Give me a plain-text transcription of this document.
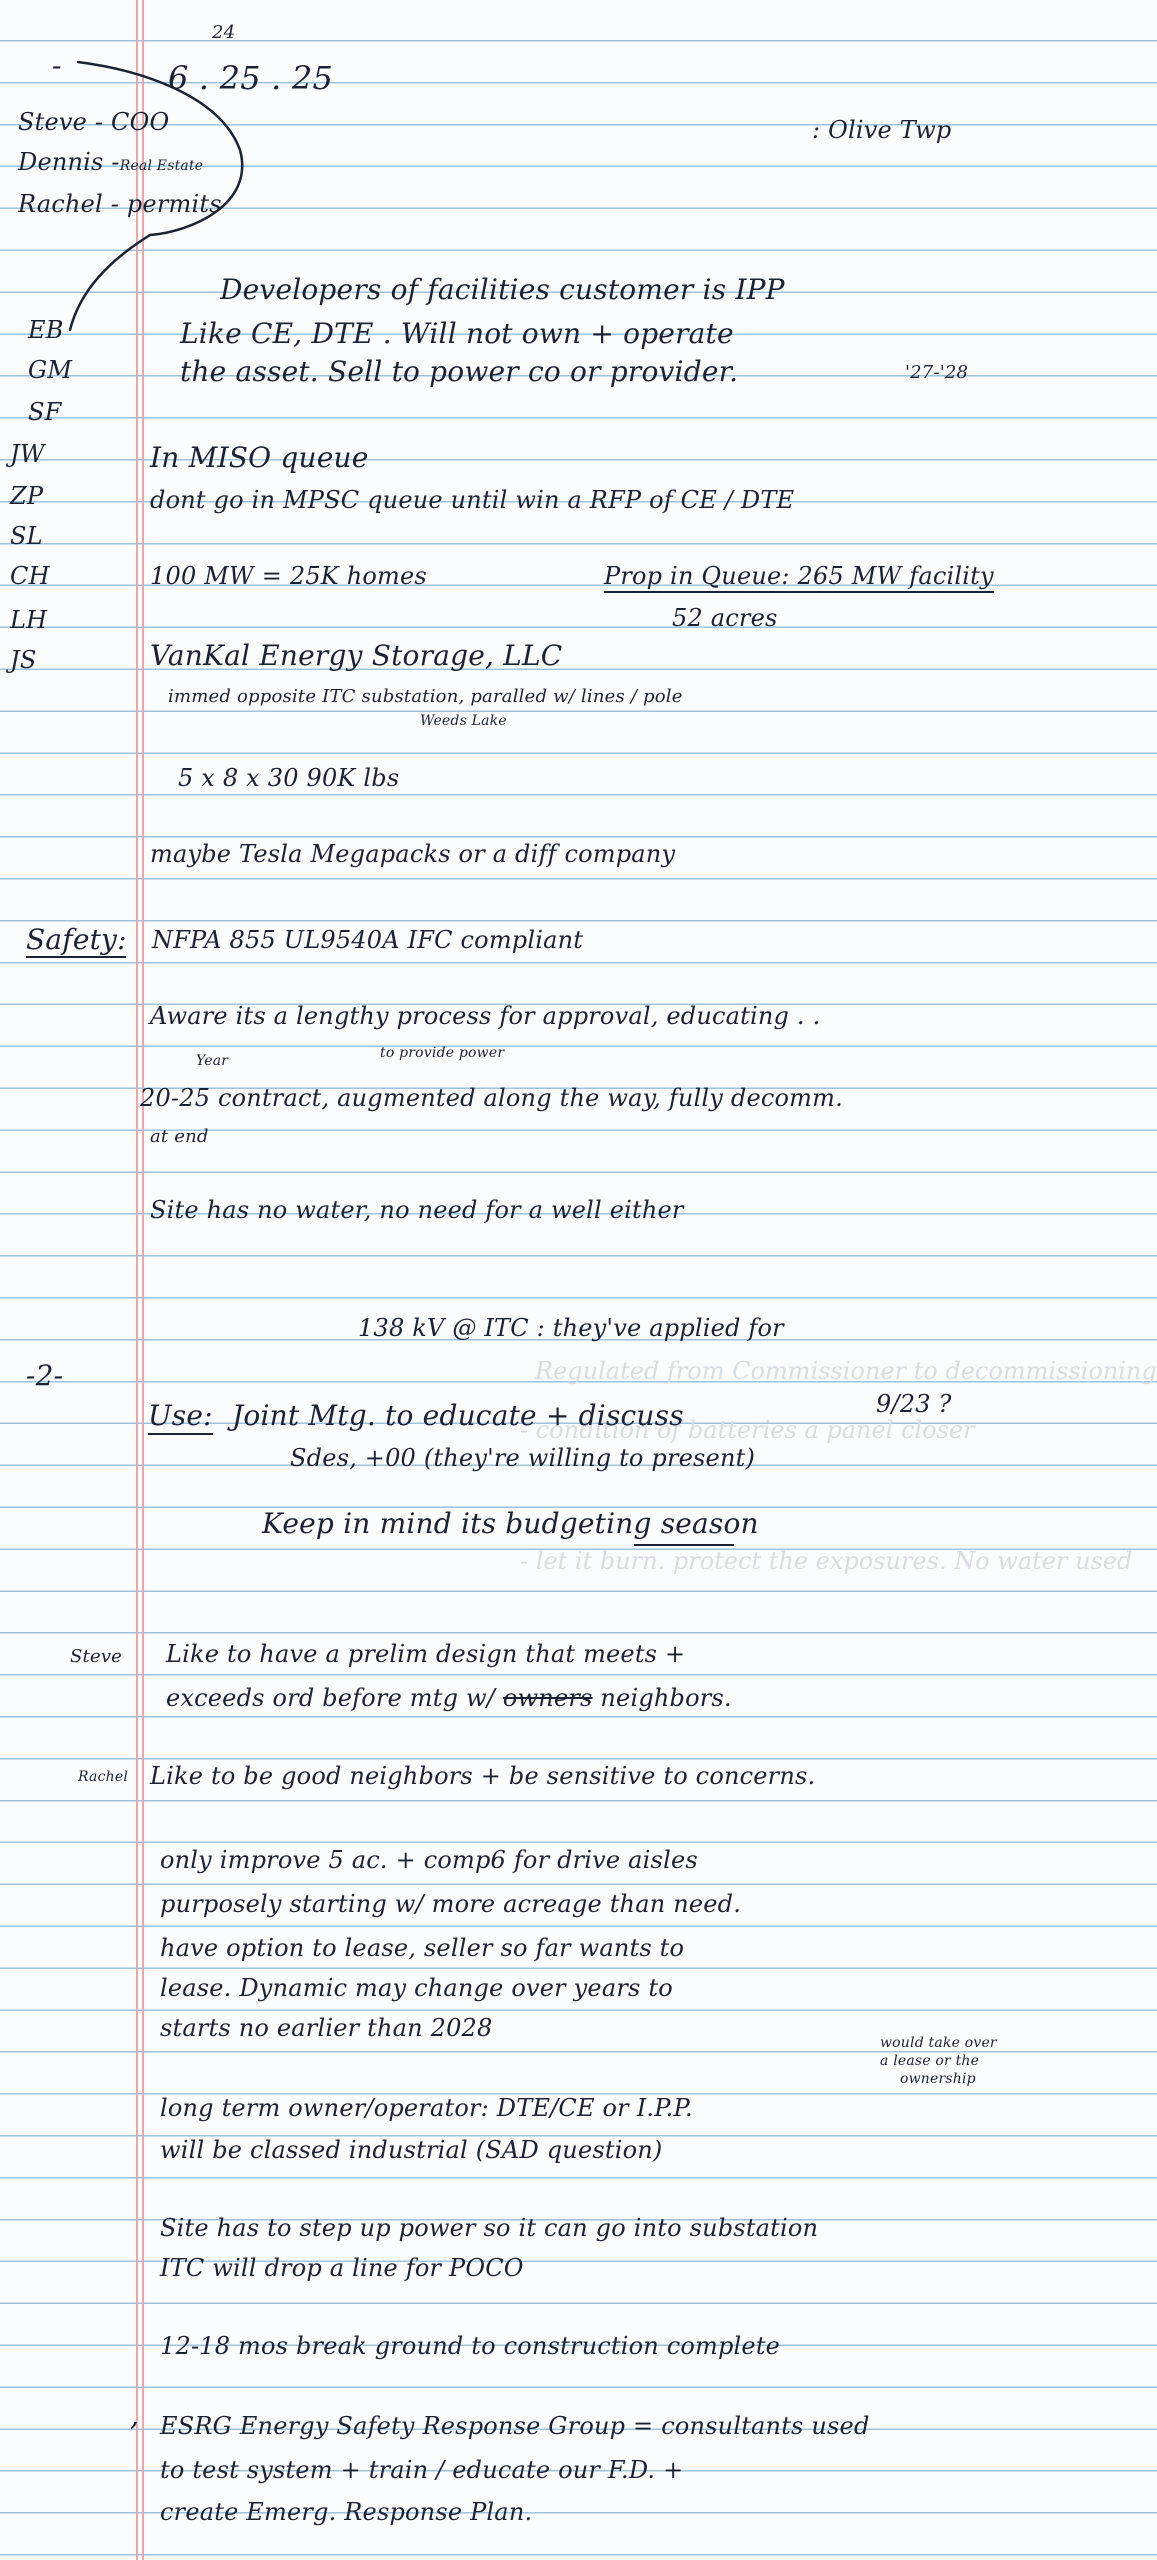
Regulated from Commissioner to decommissioning
- condition of batteries a panel closer
- let it burn. protect the exposures. No water used
-
24
6 . 25 . 25
: Olive Twp
Steve - COO
Dennis -Real Estate
Rachel - permits
EB
GM
SF
JW
ZP
SL
CH
LH
JS
Developers of facilities customer is IPP
Like CE, DTE . Will not own + operate
the asset. Sell to power co or provider.	'27-'28
In MISO queue
dont go in MPSC queue until win a RFP of CE / DTE
100 MW = 25K homes	Prop in Queue: 265 MW facility
52 acres
VanKal Energy Storage, LLC
immed opposite ITC substation, paralled w/ lines / pole
Weeds Lake
5 x 8 x 30 90K lbs
maybe Tesla Megapacks or a diff company
Safety: NFPA 855 UL9540A IFC compliant
Aware its a lengthy process for approval, educating . .
Year	to provide power
20-25 contract, augmented along the way, fully decomm.
at end
Site has no water, no need for a well either
138 kV @ ITC : they've applied for
-2-
Use: Joint Mtg. to educate + discuss	9/23 ?
Sdes, +00 (they're willing to present)
Keep in mind its budgeting season
Steve Like to have a prelim design that meets +
exceeds ord before mtg w/ owners neighbors.
Rachel Like to be good neighbors + be sensitive to concerns.
only improve 5 ac. + comp6 for drive aisles
purposely starting w/ more acreage than need.
have option to lease, seller so far wants to
lease. Dynamic may change over years to
starts no earlier than 2028
would take over
a lease or the
ownership
long term owner/operator: DTE/CE or I.P.P.
will be classed industrial (SAD question)
Site has to step up power so it can go into substation
ITC will drop a line for POCO
12-18 mos break ground to construction complete
, ESRG Energy Safety Response Group = consultants used
to test system + train / educate our F.D. +
create Emerg. Response Plan.
